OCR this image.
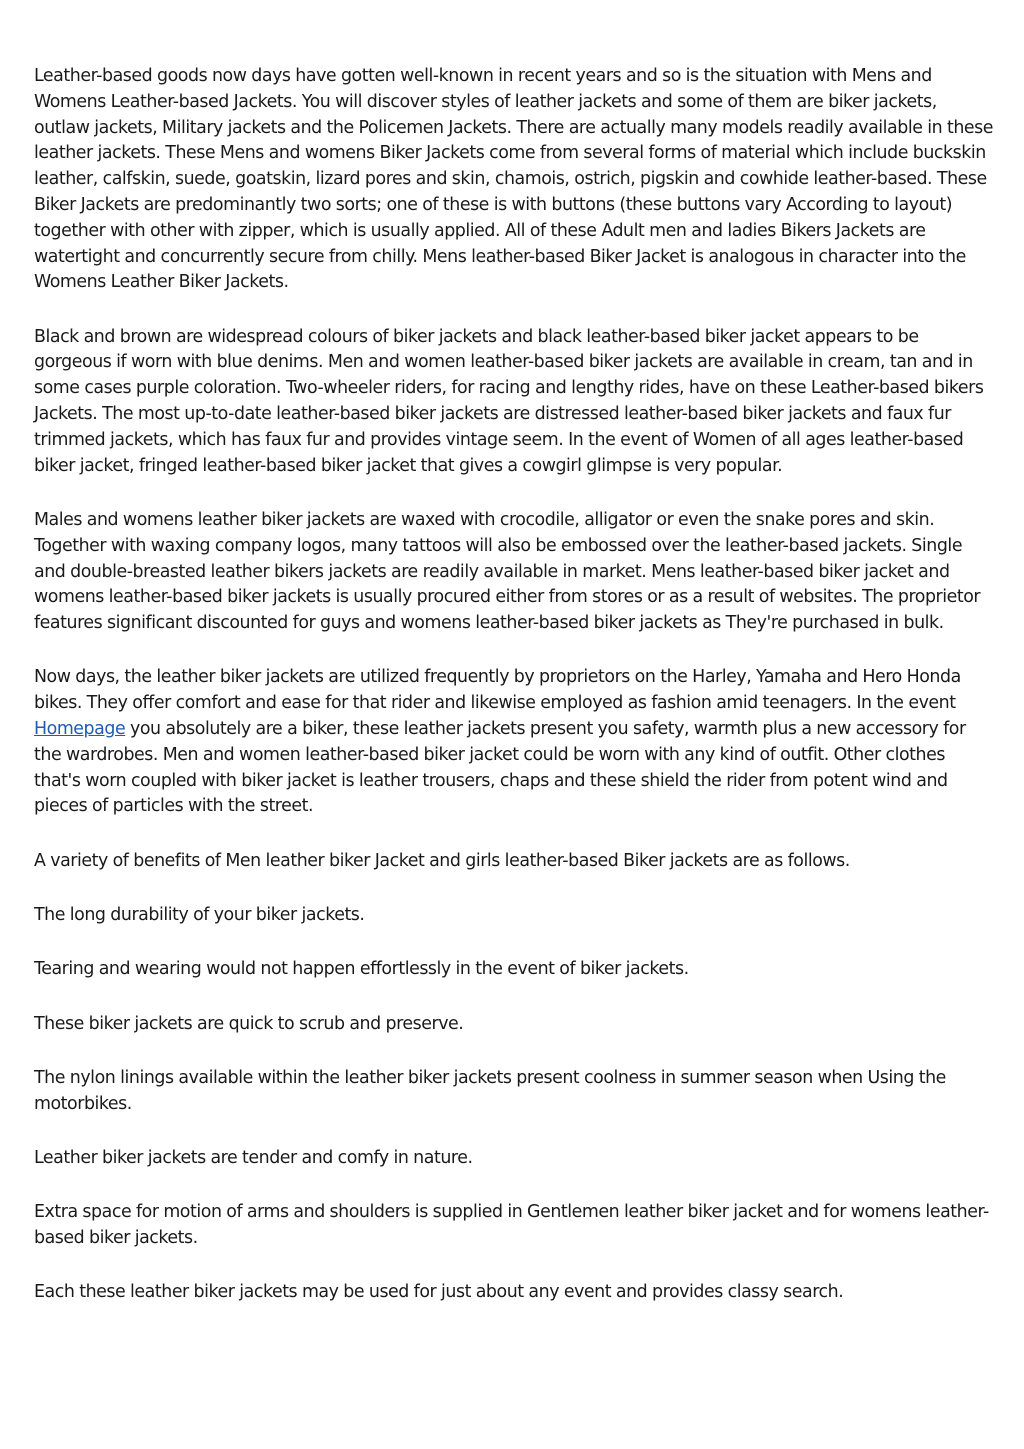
Leather-based goods now days have gotten well-known in recent years and so is the situation with Mens and Womens Leather-based Jackets. You will discover styles of leather jackets and some of them are biker jackets, outlaw jackets, Military jackets and the Policemen Jackets. There are actually many models readily available in these leather jackets. These Mens and womens Biker Jackets come from several forms of material which include buckskin leather, calfskin, suede, goatskin, lizard pores and skin, chamois, ostrich, pigskin and cowhide leather-based. These Biker Jackets are predominantly two sorts; one of these is with buttons (these buttons vary According to layout) together with other with zipper, which is usually applied. All of these Adult men and ladies Bikers Jackets are watertight and concurrently secure from chilly. Mens leather-based Biker Jacket is analogous in character into the Womens Leather Biker Jackets.

Black and brown are widespread colours of biker jackets and black leather-based biker jacket appears to be gorgeous if worn with blue denims. Men and women leather-based biker jackets are available in cream, tan and in some cases purple coloration. Two-wheeler riders, for racing and lengthy rides, have on these Leather-based bikers Jackets. The most up-to-date leather-based biker jackets are distressed leather-based biker jackets and faux fur trimmed jackets, which has faux fur and provides vintage seem. In the event of Women of all ages leather-based biker jacket, fringed leather-based biker jacket that gives a cowgirl glimpse is very popular.

Males and womens leather biker jackets are waxed with crocodile, alligator or even the snake pores and skin. Together with waxing company logos, many tattoos will also be embossed over the leather-based jackets. Single and double-breasted leather bikers jackets are readily available in market. Mens leather-based biker jacket and womens leather-based biker jackets is usually procured either from stores or as a result of websites. The proprietor features significant discounted for guys and womens leather-based biker jackets as They're purchased in bulk.

Now days, the leather biker jackets are utilized frequently by proprietors on the Harley, Yamaha and Hero Honda bikes. They offer comfort and ease for that rider and likewise employed as fashion amid teenagers. In the event Homepage you absolutely are a biker, these leather jackets present you safety, warmth plus a new accessory for the wardrobes. Men and women leather-based biker jacket could be worn with any kind of outfit. Other clothes that's worn coupled with biker jacket is leather trousers, chaps and these shield the rider from potent wind and pieces of particles with the street.

A variety of benefits of Men leather biker Jacket and girls leather-based Biker jackets are as follows.

The long durability of your biker jackets.

Tearing and wearing would not happen effortlessly in the event of biker jackets.

These biker jackets are quick to scrub and preserve.

The nylon linings available within the leather biker jackets present coolness in summer season when Using the motorbikes.

Leather biker jackets are tender and comfy in nature.

Extra space for motion of arms and shoulders is supplied in Gentlemen leather biker jacket and for womens leather-based biker jackets.

Each these leather biker jackets may be used for just about any event and provides classy search.
